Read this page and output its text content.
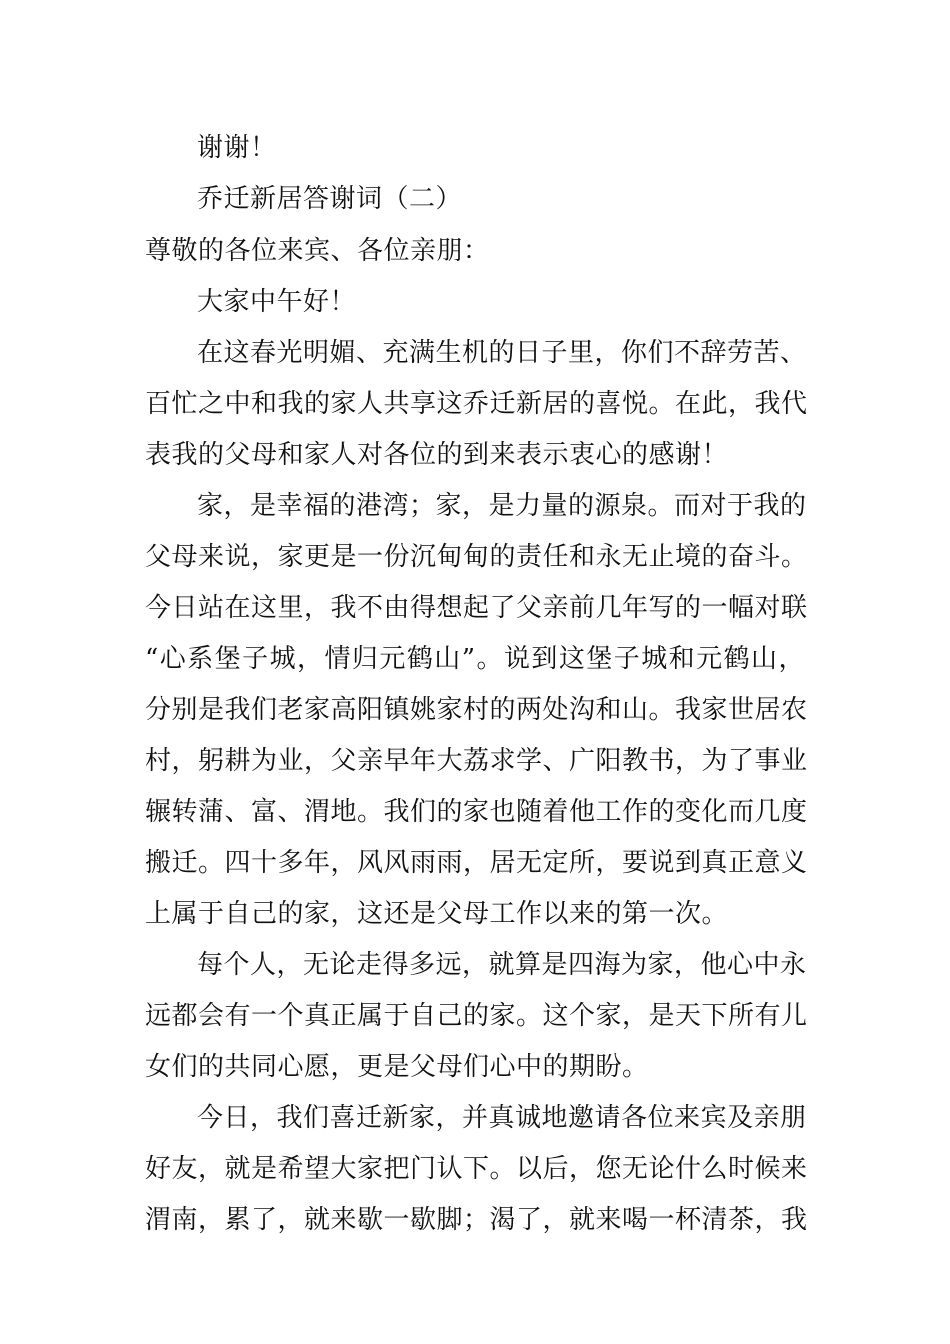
谢谢！
乔迁新居答谢词（二）
尊敬的各位来宾、各位亲朋：
大家中午好！
在这春光明媚、充满生机的日子里，你们不辞劳苦、
百忙之中和我的家人共享这乔迁新居的喜悦。在此，我代
表我的父母和家人对各位的到来表示衷心的感谢！
家，是幸福的港湾；家，是力量的源泉。而对于我的
父母来说，家更是一份沉甸甸的责任和永无止境的奋斗。
今日站在这里，我不由得想起了父亲前几年写的一幅对联
“心系堡子城，情归元鹤山”。说到这堡子城和元鹤山，
分别是我们老家高阳镇姚家村的两处沟和山。我家世居农
村，躬耕为业，父亲早年大荔求学、广阳教书，为了事业
辗转蒲、富、渭地。我们的家也随着他工作的变化而几度
搬迁。四十多年，风风雨雨，居无定所，要说到真正意义
上属于自己的家，这还是父母工作以来的第一次。
每个人，无论走得多远，就算是四海为家，他心中永
远都会有一个真正属于自己的家。这个家，是天下所有儿
女们的共同心愿，更是父母们心中的期盼。
今日，我们喜迁新家，并真诚地邀请各位来宾及亲朋
好友，就是希望大家把门认下。以后，您无论什么时候来
渭南，累了，就来歇一歇脚；渴了，就来喝一杯清茶，我
